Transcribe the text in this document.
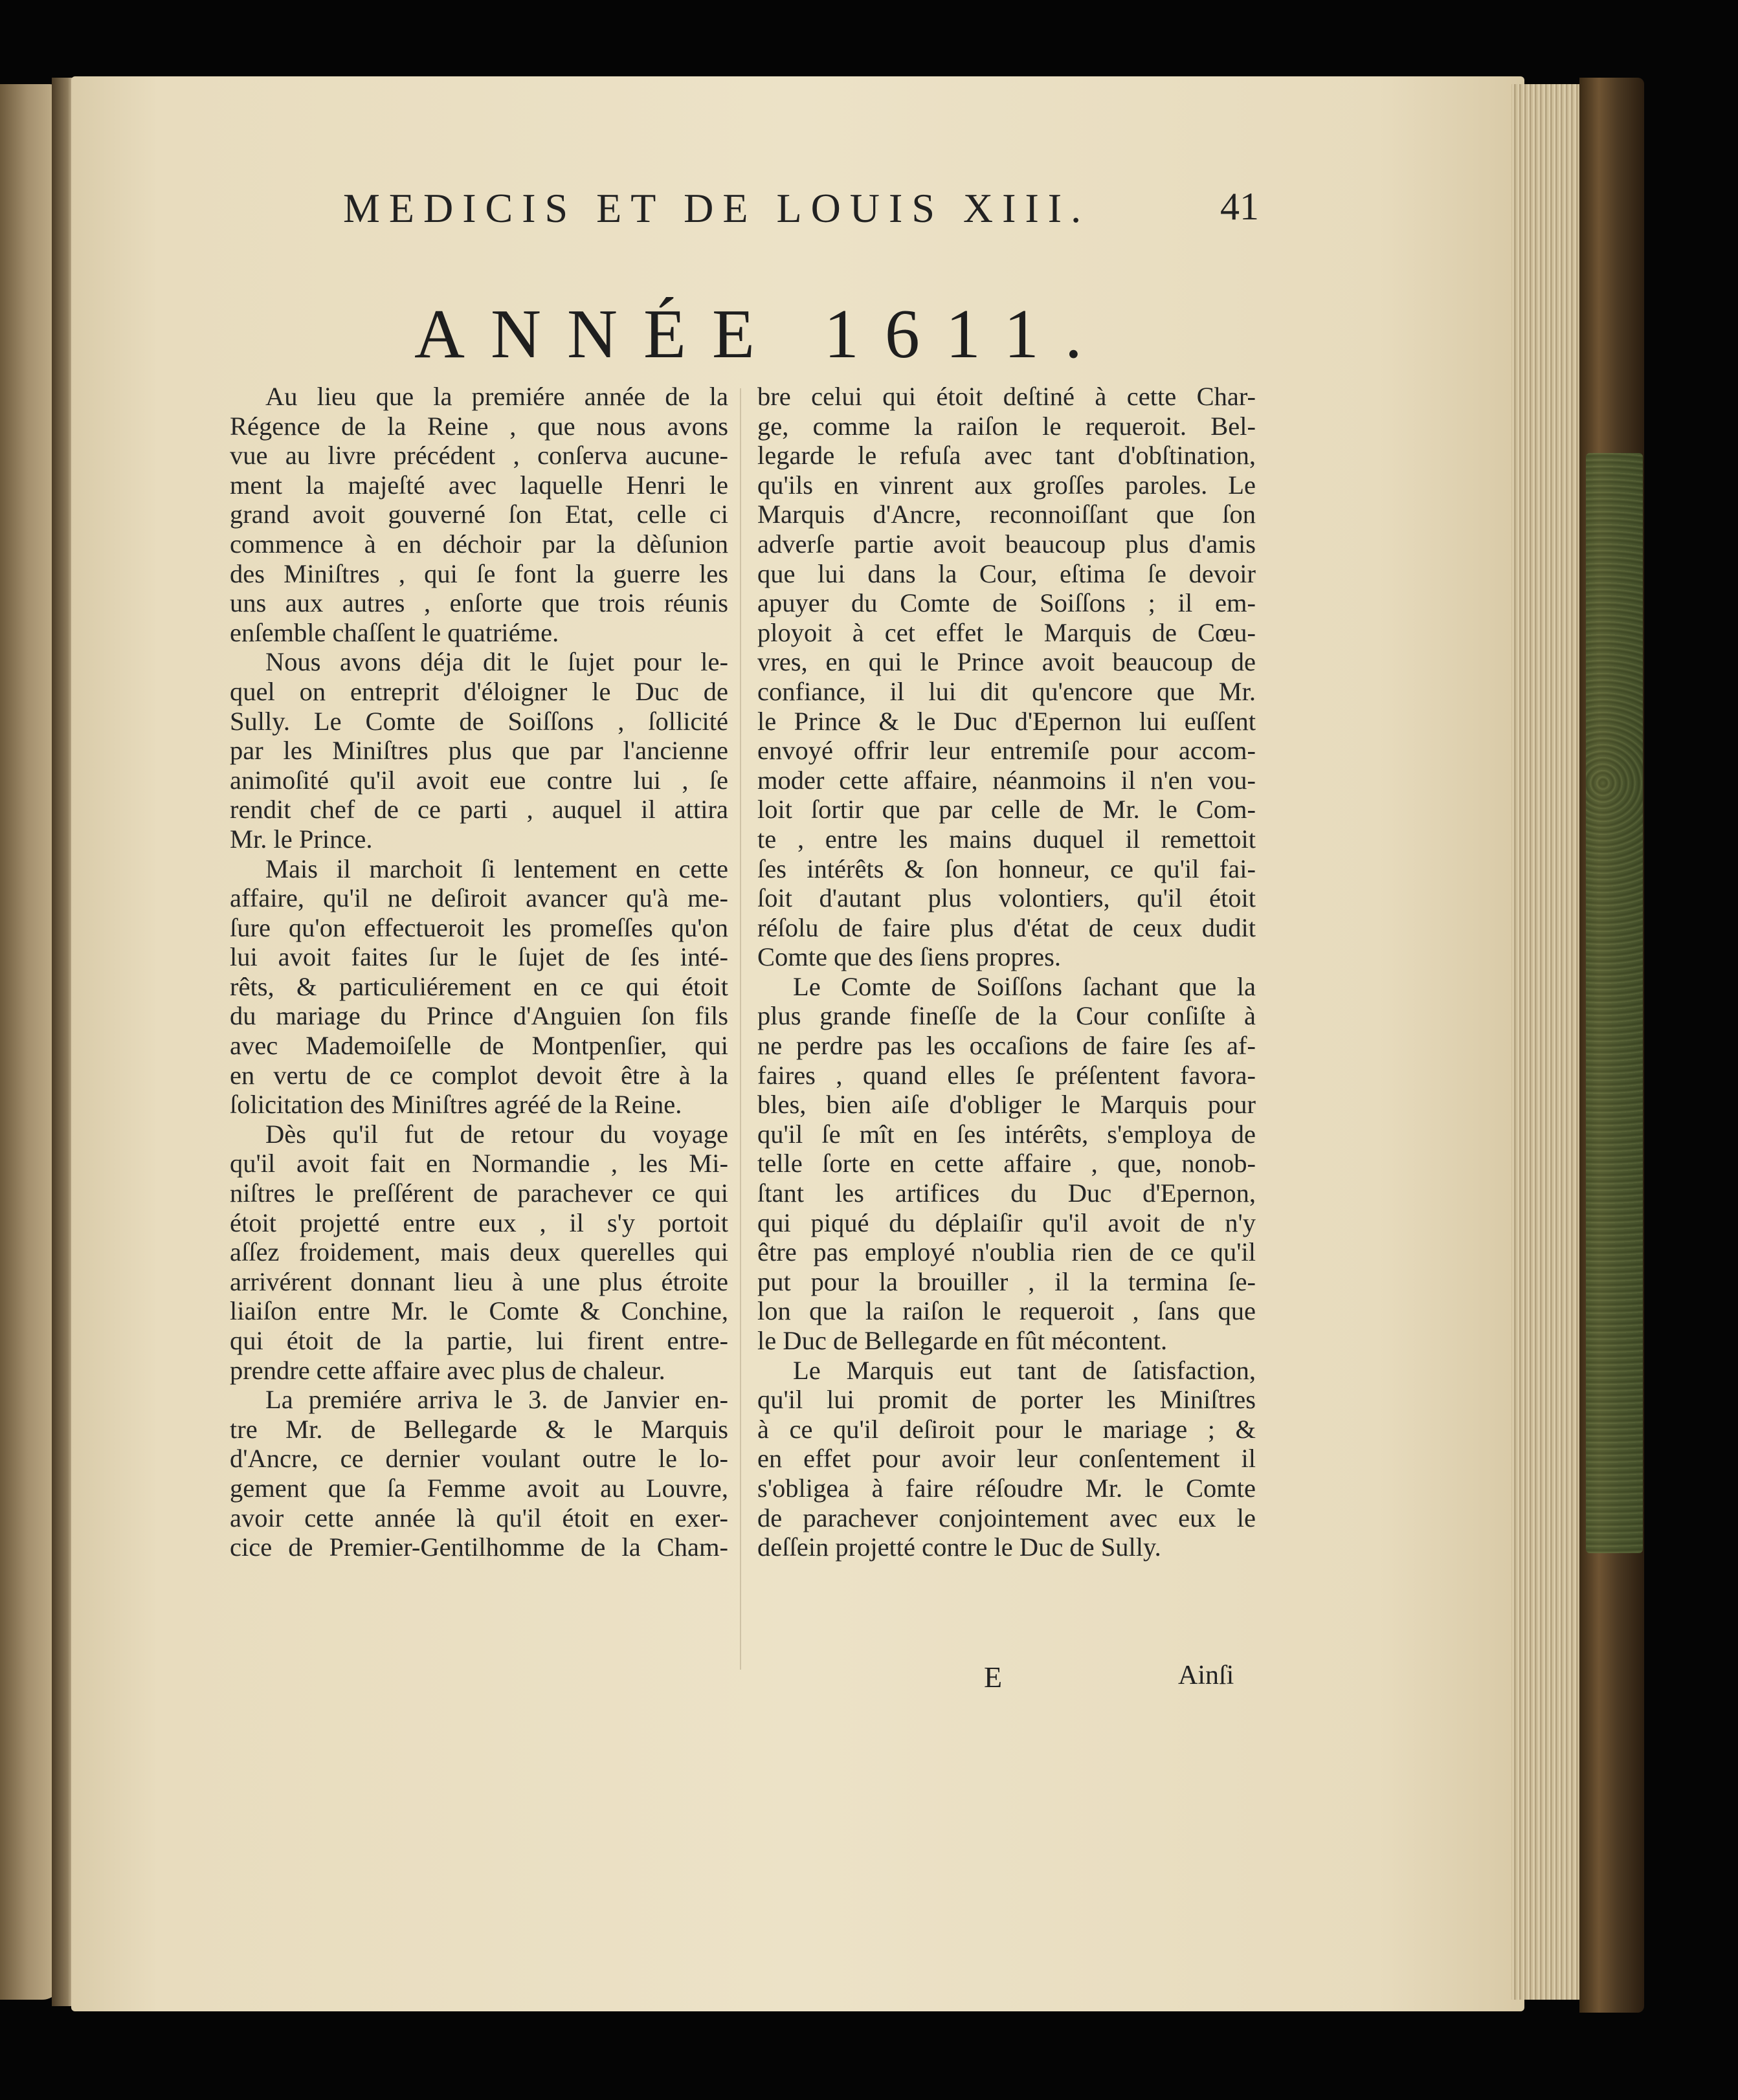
MEDICIS ET DE LOUIS XIII.	41
ANNÉE 1611.
Au lieu que la premiére année de la
Régence de la Reine , que nous avons
vue au livre précédent , conſerva aucune-
ment la majeſté avec laquelle Henri le
grand avoit gouverné ſon Etat, celle ci
commence à en déchoir par la dèſunion
des Miniſtres , qui ſe font la guerre les
uns aux autres , enſorte que trois réunis
enſemble chaſſent le quatriéme.
Nous avons déja dit le ſujet pour le-
quel on entreprit d'éloigner le Duc de
Sully. Le Comte de Soiſſons , ſollicité
par les Miniſtres plus que par l'ancienne
animoſité qu'il avoit eue contre lui , ſe
rendit chef de ce parti , auquel il attira
Mr. le Prince.
Mais il marchoit ſi lentement en cette
affaire, qu'il ne deſiroit avancer qu'à me-
ſure qu'on effectueroit les promeſſes qu'on
lui avoit faites ſur le ſujet de ſes inté-
rêts, & particuliérement en ce qui étoit
du mariage du Prince d'Anguien ſon fils
avec Mademoiſelle de Montpenſier, qui
en vertu de ce complot devoit être à la
ſolicitation des Miniſtres agréé de la Reine.
Dès qu'il fut de retour du voyage
qu'il avoit fait en Normandie , les Mi-
niſtres le preſſérent de parachever ce qui
étoit projetté entre eux , il s'y portoit
aſſez froidement, mais deux querelles qui
arrivérent donnant lieu à une plus étroite
liaiſon entre Mr. le Comte & Conchine,
qui étoit de la partie, lui firent entre-
prendre cette affaire avec plus de chaleur.
La premiére arriva le 3. de Janvier en-
tre Mr. de Bellegarde & le Marquis
d'Ancre, ce dernier voulant outre le lo-
gement que ſa Femme avoit au Louvre,
avoir cette année là qu'il étoit en exer-
cice de Premier-Gentilhomme de la Cham-
bre celui qui étoit deſtiné à cette Char-
ge, comme la raiſon le requeroit. Bel-
legarde le refuſa avec tant d'obſtination,
qu'ils en vinrent aux groſſes paroles. Le
Marquis d'Ancre, reconnoiſſant que ſon
adverſe partie avoit beaucoup plus d'amis
que lui dans la Cour, eſtima ſe devoir
apuyer du Comte de Soiſſons ; il em-
ployoit à cet effet le Marquis de Cœu-
vres, en qui le Prince avoit beaucoup de
confiance, il lui dit qu'encore que Mr.
le Prince & le Duc d'Epernon lui euſſent
envoyé offrir leur entremiſe pour accom-
moder cette affaire, néanmoins il n'en vou-
loit ſortir que par celle de Mr. le Com-
te , entre les mains duquel il remettoit
ſes intérêts & ſon honneur, ce qu'il fai-
ſoit d'autant plus volontiers, qu'il étoit
réſolu de faire plus d'état de ceux dudit
Comte que des ſiens propres.
Le Comte de Soiſſons ſachant que la
plus grande fineſſe de la Cour conſiſte à
ne perdre pas les occaſions de faire ſes af-
faires , quand elles ſe préſentent favora-
bles, bien aiſe d'obliger le Marquis pour
qu'il ſe mît en ſes intérêts, s'employa de
telle ſorte en cette affaire , que, nonob-
ſtant les artifices du Duc d'Epernon,
qui piqué du déplaiſir qu'il avoit de n'y
être pas employé n'oublia rien de ce qu'il
put pour la brouiller , il la termina ſe-
lon que la raiſon le requeroit , ſans que
le Duc de Bellegarde en fût mécontent.
Le Marquis eut tant de ſatisfaction,
qu'il lui promit de porter les Miniſtres
à ce qu'il deſiroit pour le mariage ; &
en effet pour avoir leur conſentement il
s'obligea à faire réſoudre Mr. le Comte
de parachever conjointement avec eux le
deſſein projetté contre le Duc de Sully.
E	Ainſi
